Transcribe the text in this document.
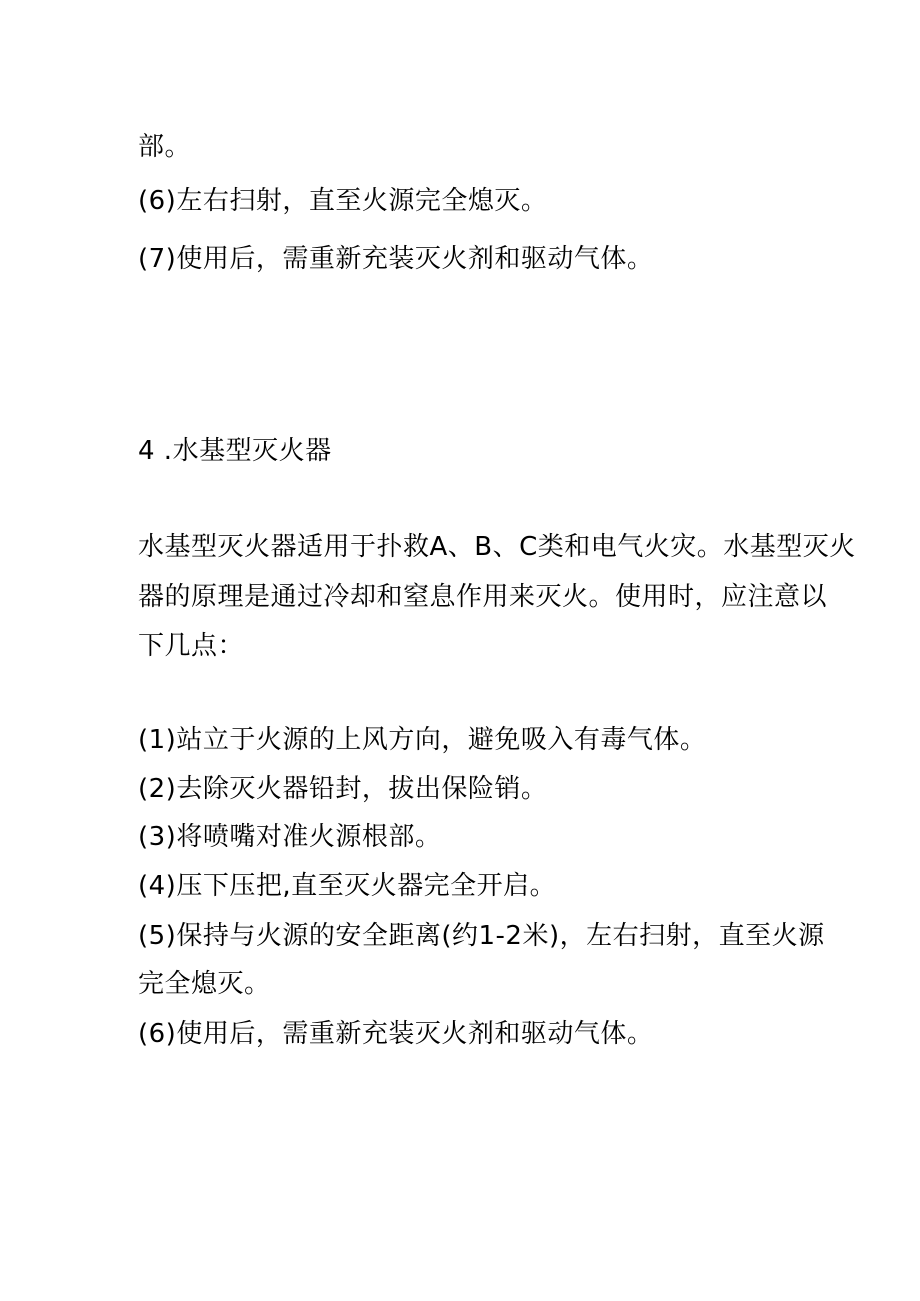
部。
(6)左右扫射，直至火源完全熄灭。
(7)使用后，需重新充装灭火剂和驱动气体。
4 .水基型灭火器
水基型灭火器适用于扑救A、B、C类和电气火灾。水基型灭火
器的原理是通过冷却和窒息作用来灭火。使用时，应注意以
下几点：
(1)站立于火源的上风方向，避免吸入有毒气体。
(2)去除灭火器铅封，拔出保险销。
(3)将喷嘴对准火源根部。
(4)压下压把,直至灭火器完全开启。
(5)保持与火源的安全距离(约1-2米)，左右扫射，直至火源
完全熄灭。
(6)使用后，需重新充装灭火剂和驱动气体。
